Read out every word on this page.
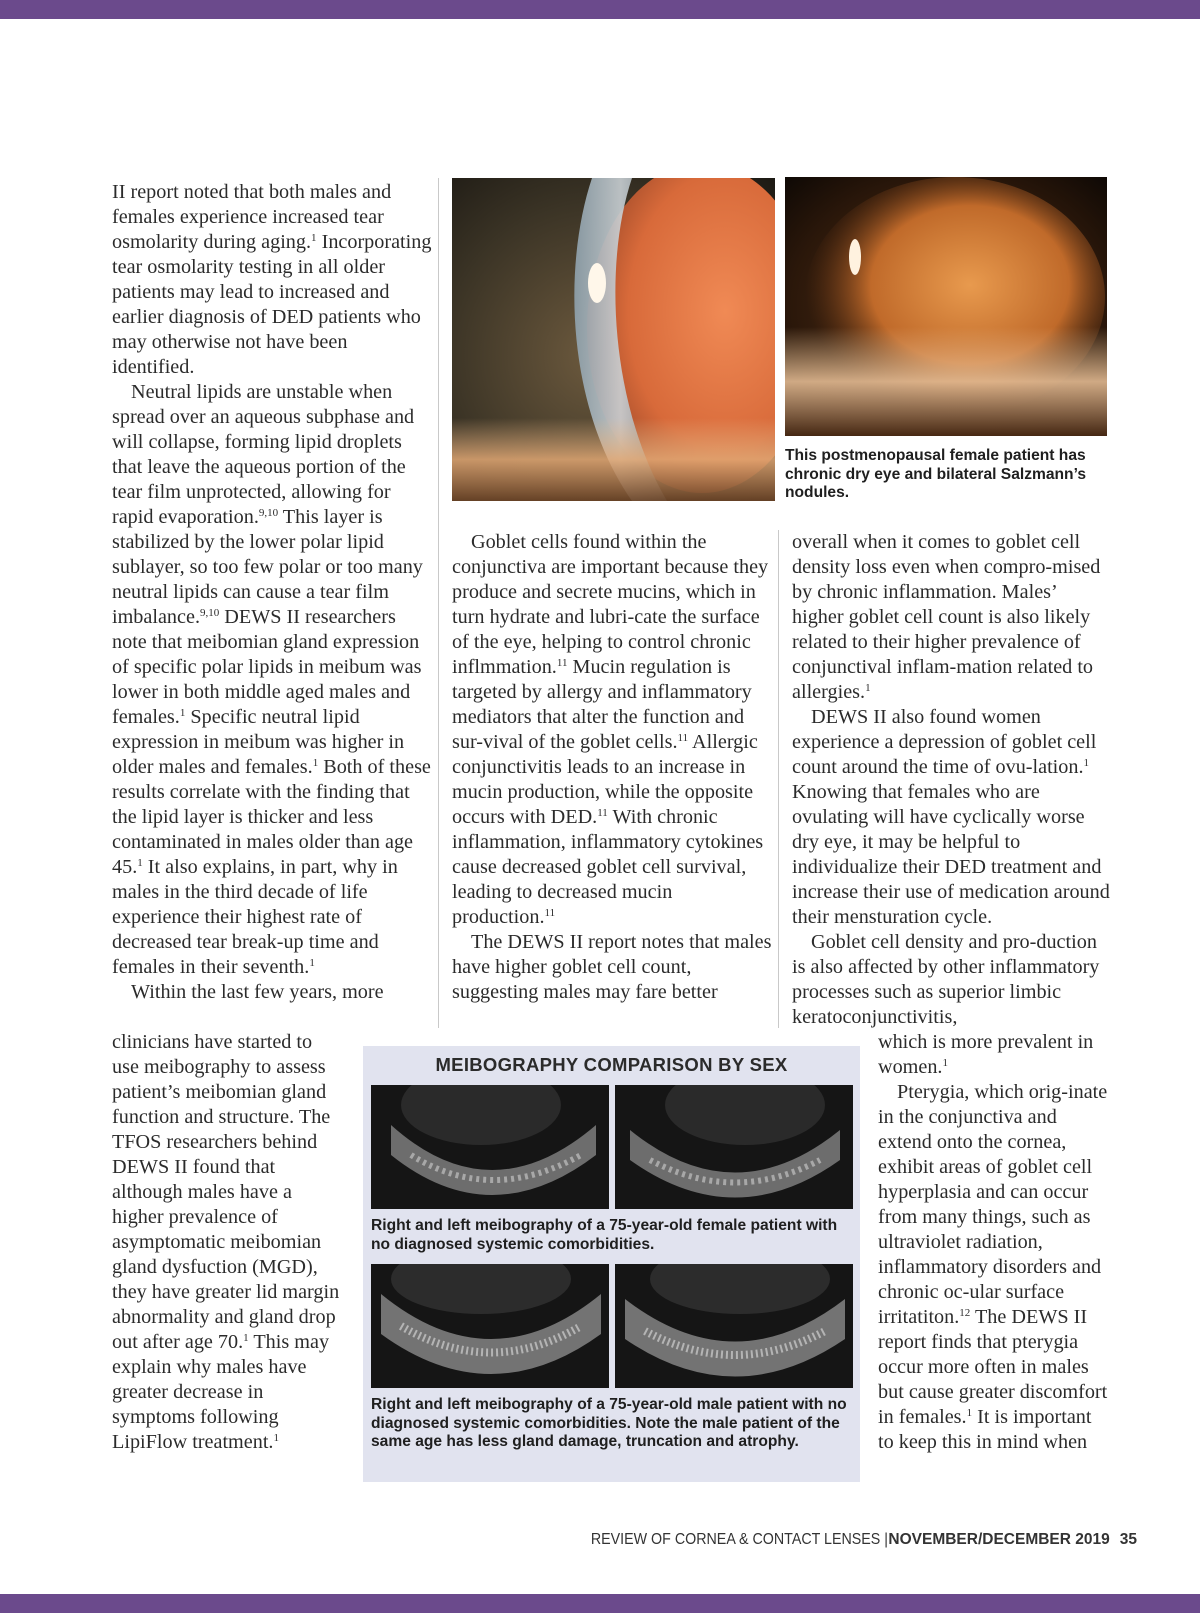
II report noted that both males and females experience increased tear osmolarity during aging.$^1$ Incorporating tear osmolarity testing in all older patients may lead to increased and earlier diagnosis of DED patients who may otherwise not have been identified.

Neutral lipids are unstable when spread over an aqueous subphase and will collapse, forming lipid droplets that leave the aqueous portion of the tear film unprotected, allowing for rapid evaporation.$^{9,10}$ This layer is stabilized by the lower polar lipid sublayer, so too few polar or too many neutral lipids can cause a tear film imbalance.$^{9,10}$ DEWS II researchers note that meibomian gland expression of specific polar lipids in meibum was lower in both middle aged males and females.$^1$ Specific neutral lipid expression in meibum was higher in older males and females.$^1$ Both of these results correlate with the finding that the lipid layer is thicker and less contaminated in males older than age 45.$^1$ It also explains, in part, why in males in the third decade of life experience their highest rate of decreased tear break-up time and females in their seventh.$^1$

Within the last few years, more

clinicians have started to use meibography to assess patient’s meibomian gland function and structure. The TFOS researchers behind DEWS II found that although males have a higher prevalence of asymptomatic meibomian gland dysfuction (MGD), they have greater lid margin abnormality and gland drop out after age 70.$^1$ This may explain why males have greater decrease in symptoms following LipiFlow treatment.$^1$

This postmenopausal female patient has chronic dry eye and bilateral Salzmann’s nodules.

Goblet cells found within the conjunctiva are important because they produce and secrete mucins, which in turn hydrate and lubri-cate the surface of the eye, helping to control chronic inflmmation.$^{11}$ Mucin regulation is targeted by allergy and inflammatory mediators that alter the function and sur-vival of the goblet cells.$^{11}$ Allergic conjunctivitis leads to an increase in mucin production, while the opposite occurs with DED.$^{11}$ With chronic inflammation, inflammatory cytokines cause decreased goblet cell survival, leading to decreased mucin production.$^{11}$

The DEWS II report notes that males have higher goblet cell count, suggesting males may fare better

overall when it comes to goblet cell density loss even when compro-mised by chronic inflammation. Males’ higher goblet cell count is also likely related to their higher prevalence of conjunctival inflam-mation related to allergies.$^1$

DEWS II also found women experience a depression of goblet cell count around the time of ovu-lation.$^1$ Knowing that females who are ovulating will have cyclically worse dry eye, it may be helpful to individualize their DED treatment and increase their use of medication around their mensturation cycle.

Goblet cell density and pro-duction is also affected by other inflammatory processes such as superior limbic keratoconjunctivitis,

which is more prevalent in women.$^1$

Pterygia, which orig-inate in the conjunctiva and extend onto the cornea, exhibit areas of goblet cell hyperplasia and can occur from many things, such as ultraviolet radiation, inflammatory disorders and chronic oc-ular surface irritatiton.$^{12}$ The DEWS II report finds that pterygia occur more often in males but cause greater discomfort in females.$^1$ It is important to keep this in mind when

MEIBOGRAPHY COMPARISON BY SEX
Right and left meibography of a 75-year-old female patient with no diagnosed systemic comorbidities.
Right and left meibography of a 75-year-old male patient with no diagnosed systemic comorbidities. Note the male patient of the same age has less gland damage, truncation and atrophy.
REVIEW OF CORNEA & CONTACT LENSES |NOVEMBER/DECEMBER 2019 35
